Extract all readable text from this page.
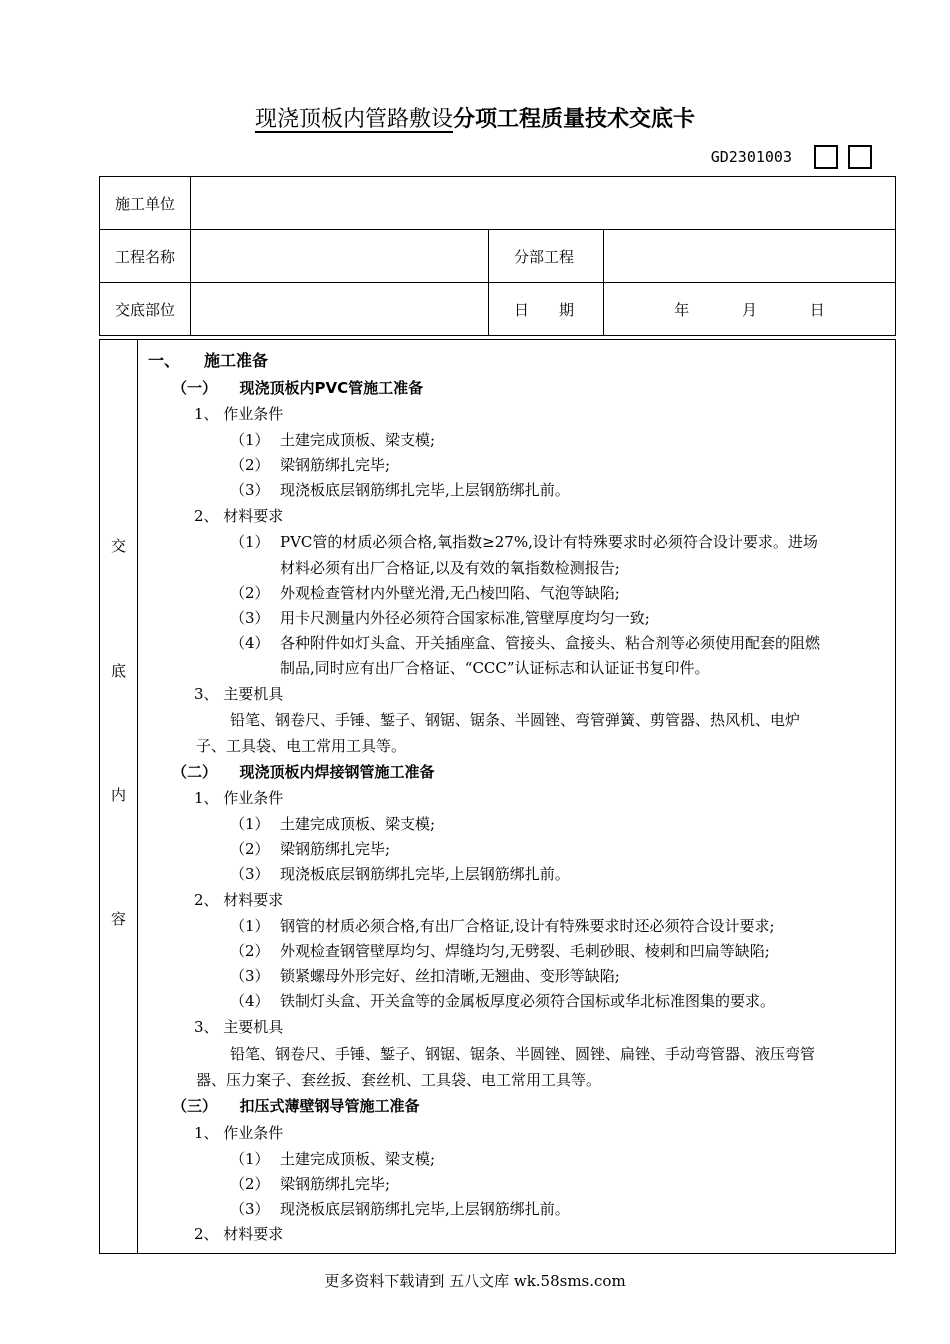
现浇顶板内管路敷设分项工程质量技术交底卡
GD2301003
施工单位			
工程名称		分部工程	
交底部位		日　　期	年 月 日
交
底
内
容
一、　　施工准备
（一）　　现浇顶板内PVC管施工准备
1、 作业条件
（1） 土建完成顶板、梁支模;
（2） 梁钢筋绑扎完毕;
（3） 现浇板底层钢筋绑扎完毕,上层钢筋绑扎前。
2、 材料要求
（1） PVC管的材质必须合格,氧指数≥27%,设计有特殊要求时必须符合设计要求。进场
材料必须有出厂合格证,以及有效的氧指数检测报告;
（2） 外观检查管材内外壁光滑,无凸棱凹陷、气泡等缺陷;
（3） 用卡尺测量内外径必须符合国家标准,管壁厚度均匀一致;
（4） 各种附件如灯头盒、开关插座盒、管接头、盒接头、粘合剂等必须使用配套的阻燃
制品,同时应有出厂合格证、“CCC”认证标志和认证证书复印件。
3、 主要机具
铅笔、钢卷尺、手锤、錾子、钢锯、锯条、半圆锉、弯管弹簧、剪管器、热风机、电炉
子、工具袋、电工常用工具等。
（二）　　现浇顶板内焊接钢管施工准备
1、 作业条件
（1） 土建完成顶板、梁支模;
（2） 梁钢筋绑扎完毕;
（3） 现浇板底层钢筋绑扎完毕,上层钢筋绑扎前。
2、 材料要求
（1） 钢管的材质必须合格,有出厂合格证,设计有特殊要求时还必须符合设计要求;
（2） 外观检查钢管壁厚均匀、焊缝均匀,无劈裂、毛刺砂眼、棱刺和凹扁等缺陷;
（3） 锁紧螺母外形完好、丝扣清晰,无翘曲、变形等缺陷;
（4） 铁制灯头盒、开关盒等的金属板厚度必须符合国标或华北标准图集的要求。
3、 主要机具
铅笔、钢卷尺、手锤、錾子、钢锯、锯条、半圆锉、圆锉、扁锉、手动弯管器、液压弯管
器、压力案子、套丝扳、套丝机、工具袋、电工常用工具等。
（三）　　扣压式薄壁钢导管施工准备
1、 作业条件
（1） 土建完成顶板、梁支模;
（2） 梁钢筋绑扎完毕;
（3） 现浇板底层钢筋绑扎完毕,上层钢筋绑扎前。
2、 材料要求
更多资料下载请到 五八文库 wk.58sms.com
